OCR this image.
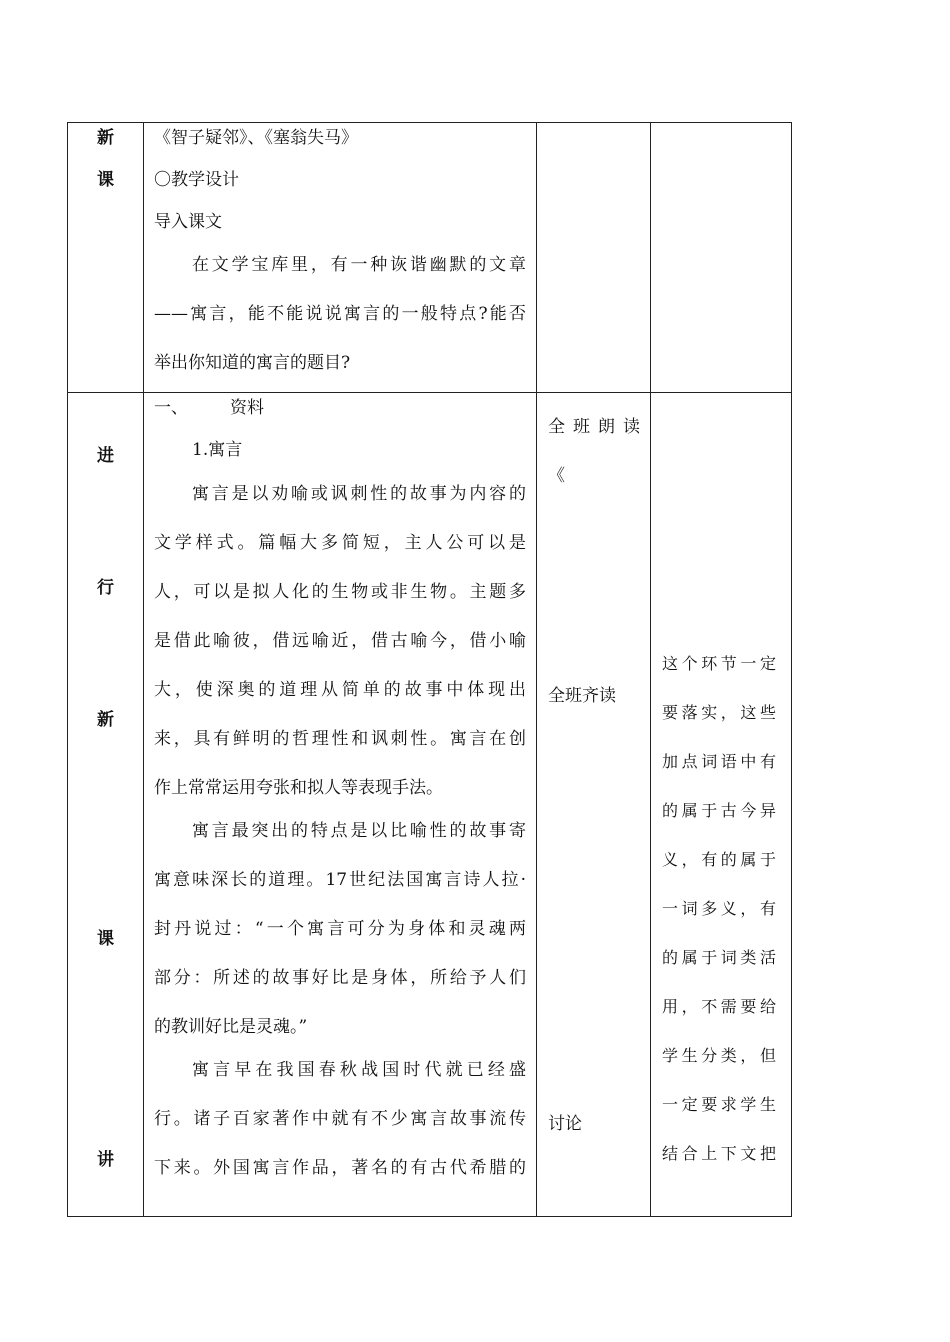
新
课
《智子疑邻》、《塞翁失马》
〇教学设计
导入课文
在文学宝库里，有一种诙谐幽默的文章
——寓言，能不能说说寓言的一般特点?能否
举出你知道的寓言的题目?
进
行
新
课
讲
一、 资料
1.寓言
寓言是以劝喻或讽刺性的故事为内容的
文学样式。篇幅大多简短，主人公可以是
人，可以是拟人化的生物或非生物。主题多
是借此喻彼，借远喻近，借古喻今，借小喻
大，使深奥的道理从简单的故事中体现出
来，具有鲜明的哲理性和讽刺性。寓言在创
作上常常运用夸张和拟人等表现手法。
寓言最突出的特点是以比喻性的故事寄
寓意味深长的道理。17世纪法国寓言诗人拉·
封丹说过：“一个寓言可分为身体和灵魂两
部分：所述的故事好比是身体，所给予人们
的教训好比是灵魂。”
寓言早在我国春秋战国时代就已经盛
行。诸子百家著作中就有不少寓言故事流传
下来。外国寓言作品，著名的有古代希腊的
全班朗读
《
全班齐读
讨论
这个环节一定
要落实，这些
加点词语中有
的属于古今异
义，有的属于
一词多义，有
的属于词类活
用，不需要给
学生分类，但
一定要求学生
结合上下文把
